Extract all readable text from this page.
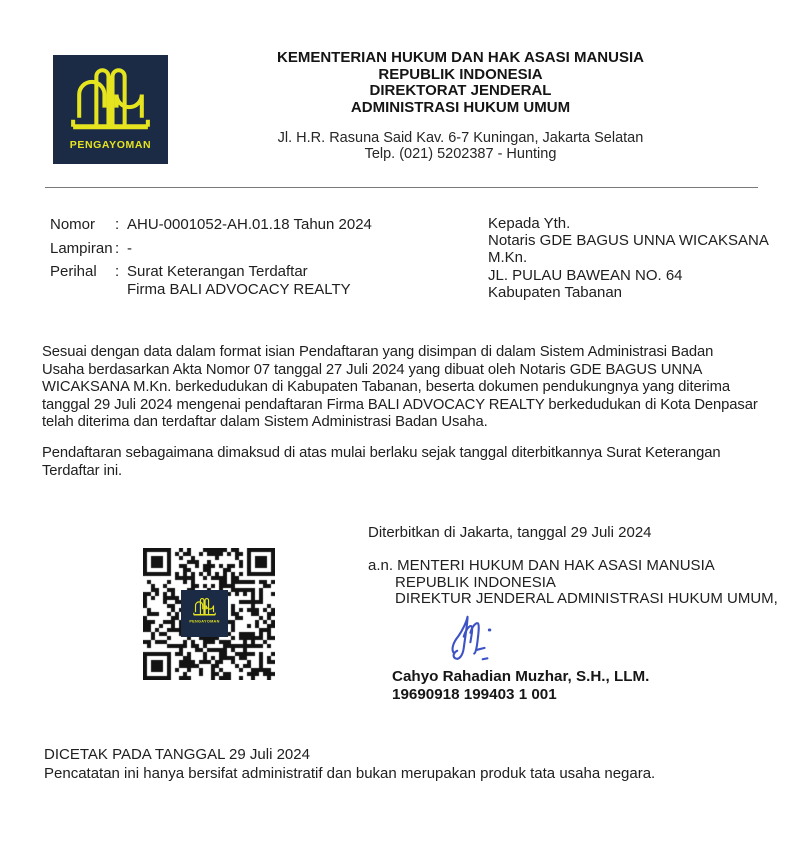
PENGAYOMAN
KEMENTERIAN HUKUM DAN HAK ASASI MANUSIA
REPUBLIK INDONESIA
DIREKTORAT JENDERAL
ADMINISTRASI HUKUM UMUM
Jl. H.R. Rasuna Said Kav. 6-7 Kuningan, Jakarta Selatan
Telp. (021) 5202387 - Hunting
Nomor	: AHU-0001052-AH.01.18 Tahun 2024
Lampiran : -
Perihal	: Surat Keterangan Terdaftar
Firma BALI ADVOCACY REALTY
Kepada Yth.
Notaris GDE BAGUS UNNA WICAKSANA
M.Kn.
JL. PULAU BAWEAN NO. 64
Kabupaten Tabanan
Sesuai dengan data dalam format isian Pendaftaran yang disimpan di dalam Sistem Administrasi Badan
Usaha berdasarkan Akta Nomor 07 tanggal 27 Juli 2024 yang dibuat oleh Notaris GDE BAGUS UNNA
WICAKSANA M.Kn. berkedudukan di Kabupaten Tabanan, beserta dokumen pendukungnya yang diterima
tanggal 29 Juli 2024 mengenai pendaftaran Firma BALI ADVOCACY REALTY berkedudukan di Kota Denpasar
telah diterima dan terdaftar dalam Sistem Administrasi Badan Usaha.
Pendaftaran sebagaimana dimaksud di atas mulai berlaku sejak tanggal diterbitkannya Surat Keterangan
Terdaftar ini.
Diterbitkan di Jakarta, tanggal 29 Juli 2024
a.n. MENTERI HUKUM DAN HAK ASASI MANUSIA
REPUBLIK INDONESIA
DIREKTUR JENDERAL ADMINISTRASI HUKUM UMUM,
Cahyo Rahadian Muzhar, S.H., LLM.
19690918 199403 1 001
PENGAYOMAN
DICETAK PADA TANGGAL 29 Juli 2024
Pencatatan ini hanya bersifat administratif dan bukan merupakan produk tata usaha negara.
